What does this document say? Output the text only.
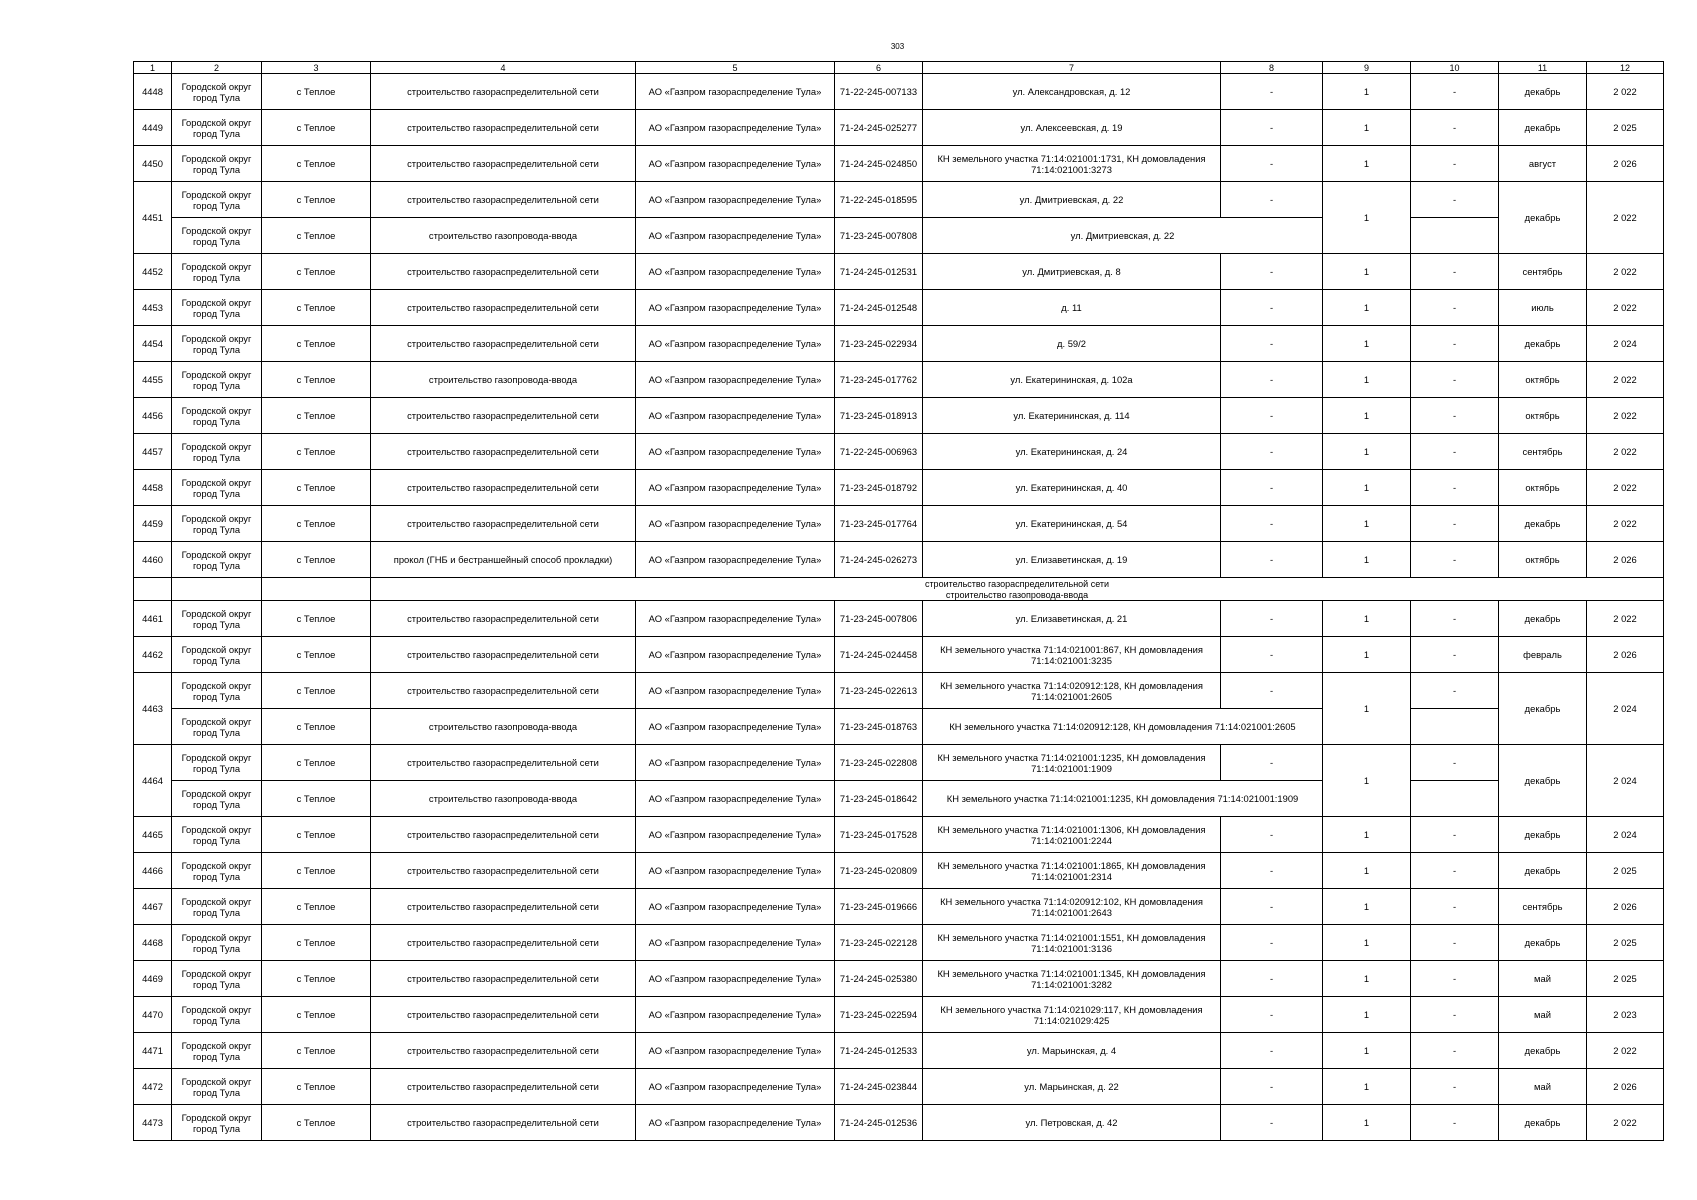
303
1	2	3	4	5	6	7	8	9	10	11	12
4448	Городской округ город Тула	с Теплое	строительство газораспределительной сети	АО «Газпром газораспределение Тула»	71-22-245-007133	ул. Александровская, д. 12	-	1	-	декабрь	2 022
4449	Городской округ город Тула	с Теплое	строительство газораспределительной сети	АО «Газпром газораспределение Тула»	71-24-245-025277	ул. Алексеевская, д. 19	-	1	-	декабрь	2 025
4450	Городской округ город Тула	с Теплое	строительство газораспределительной сети	АО «Газпром газораспределение Тула»	71-24-245-024850	КН земельного участка 71:14:021001:1731, КН домовладения 71:14:021001:3273	-	1	-	август	2 026
4451	Городской округ город Тула	с Теплое	строительство газораспределительной сети	АО «Газпром газораспределение Тула»	71-22-245-018595	ул. Дмитриевская, д. 22	-	1	-	декабрь	2 022
	Городской округ город Тула	с Теплое	строительство газопровода-ввода	АО «Газпром газораспределение Тула»	71-23-245-007808	ул. Дмитриевская, д. 22					
4452	Городской округ город Тула	с Теплое	строительство газораспределительной сети	АО «Газпром газораспределение Тула»	71-24-245-012531	ул. Дмитриевская, д. 8	-	1	-	сентябрь	2 022
4453	Городской округ город Тула	с Теплое	строительство газораспределительной сети	АО «Газпром газораспределение Тула»	71-24-245-012548	д. 11	-	1	-	июль	2 022
4454	Городской округ город Тула	с Теплое	строительство газораспределительной сети	АО «Газпром газораспределение Тула»	71-23-245-022934	д. 59/2	-	1	-	декабрь	2 024
4455	Городской округ город Тула	с Теплое	строительство газопровода-ввода	АО «Газпром газораспределение Тула»	71-23-245-017762	ул. Екатерининская, д. 102а	-	1	-	октябрь	2 022
4456	Городской округ город Тула	с Теплое	строительство газораспределительной сети	АО «Газпром газораспределение Тула»	71-23-245-018913	ул. Екатерининская, д. 114	-	1	-	октябрь	2 022
4457	Городской округ город Тула	с Теплое	строительство газораспределительной сети	АО «Газпром газораспределение Тула»	71-22-245-006963	ул. Екатерининская, д. 24	-	1	-	сентябрь	2 022
4458	Городской округ город Тула	с Теплое	строительство газораспределительной сети	АО «Газпром газораспределение Тула»	71-23-245-018792	ул. Екатерининская, д. 40	-	1	-	октябрь	2 022
4459	Городской округ город Тула	с Теплое	строительство газораспределительной сети	АО «Газпром газораспределение Тула»	71-23-245-017764	ул. Екатерининская, д. 54	-	1	-	декабрь	2 022
4460	Городской округ город Тула	с Теплое	прокол (ГНБ и бестраншейный способ прокладки)	АО «Газпром газораспределение Тула»	71-24-245-026273	ул. Елизаветинская, д. 19	-	1	-	октябрь	2 026
			строительство газораспределительной сети								
			строительство газопровода-ввода								
4461	Городской округ город Тула	с Теплое	строительство газораспределительной сети	АО «Газпром газораспределение Тула»	71-23-245-007806	ул. Елизаветинская, д. 21	-	1	-	декабрь	2 022
4462	Городской округ город Тула	с Теплое	строительство газораспределительной сети	АО «Газпром газораспределение Тула»	71-24-245-024458	КН земельного участка 71:14:021001:867, КН домовладения 71:14:021001:3235	-	1	-	февраль	2 026
4463	Городской округ город Тула	с Теплое	строительство газораспределительной сети	АО «Газпром газораспределение Тула»	71-23-245-022613	КН земельного участка 71:14:020912:128, КН домовладения 71:14:021001:2605	-	1	-	декабрь	2 024
	Городской округ город Тула	с Теплое	строительство газопровода-ввода	АО «Газпром газораспределение Тула»	71-23-245-018763	КН земельного участка 71:14:020912:128, КН домовладения 71:14:021001:2605					
4464	Городской округ город Тула	с Теплое	строительство газораспределительной сети	АО «Газпром газораспределение Тула»	71-23-245-022808	КН земельного участка 71:14:021001:1235, КН домовладения 71:14:021001:1909	-	1	-	декабрь	2 024
	Городской округ город Тула	с Теплое	строительство газопровода-ввода	АО «Газпром газораспределение Тула»	71-23-245-018642	КН земельного участка 71:14:021001:1235, КН домовладения 71:14:021001:1909					
4465	Городской округ город Тула	с Теплое	строительство газораспределительной сети	АО «Газпром газораспределение Тула»	71-23-245-017528	КН земельного участка 71:14:021001:1306, КН домовладения 71:14:021001:2244	-	1	-	декабрь	2 024
4466	Городской округ город Тула	с Теплое	строительство газораспределительной сети	АО «Газпром газораспределение Тула»	71-23-245-020809	КН земельного участка 71:14:021001:1865, КН домовладения 71:14:021001:2314	-	1	-	декабрь	2 025
4467	Городской округ город Тула	с Теплое	строительство газораспределительной сети	АО «Газпром газораспределение Тула»	71-23-245-019666	КН земельного участка 71:14:020912:102, КН домовладения 71:14:021001:2643	-	1	-	сентябрь	2 026
4468	Городской округ город Тула	с Теплое	строительство газораспределительной сети	АО «Газпром газораспределение Тула»	71-23-245-022128	КН земельного участка 71:14:021001:1551, КН домовладения 71:14:021001:3136	-	1	-	декабрь	2 025
4469	Городской округ город Тула	с Теплое	строительство газораспределительной сети	АО «Газпром газораспределение Тула»	71-24-245-025380	КН земельного участка 71:14:021001:1345, КН домовладения 71:14:021001:3282	-	1	-	май	2 025
4470	Городской округ город Тула	с Теплое	строительство газораспределительной сети	АО «Газпром газораспределение Тула»	71-23-245-022594	КН земельного участка 71:14:021029:117, КН домовладения 71:14:021029:425	-	1	-	май	2 023
4471	Городской округ город Тула	с Теплое	строительство газораспределительной сети	АО «Газпром газораспределение Тула»	71-24-245-012533	ул. Марьинская, д. 4	-	1	-	декабрь	2 022
4472	Городской округ город Тула	с Теплое	строительство газораспределительной сети	АО «Газпром газораспределение Тула»	71-24-245-023844	ул. Марьинская, д. 22	-	1	-	май	2 026
4473	Городской округ город Тула	с Теплое	строительство газораспределительной сети	АО «Газпром газораспределение Тула»	71-24-245-012536	ул. Петровская, д. 42	-	1	-	декабрь	2 022
